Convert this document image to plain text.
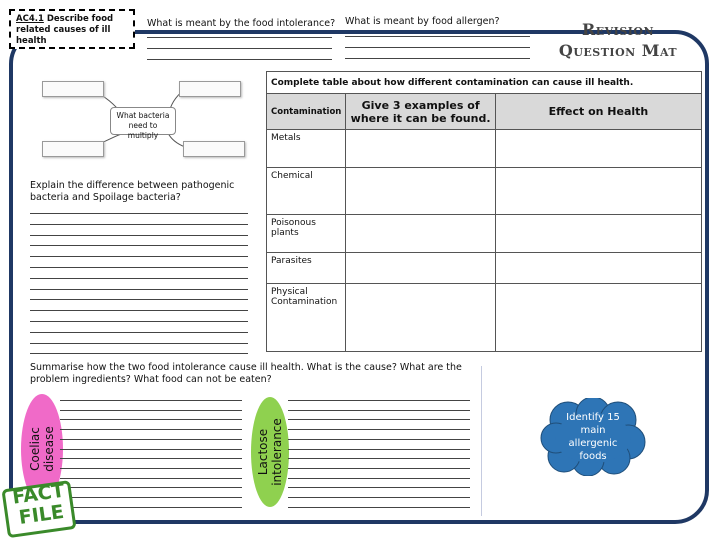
AC4.1 Describe food related causes of ill health
What is meant by the food intolerance?	What is meant by food allergen?	Revision
Question Mat
What bacteria need to multiply
Explain the difference between pathogenic bacteria and Spoilage bacteria?
Complete table about how different contamination can cause ill health.		
Contamination	Give 3 examples of where it can be found.	Effect on Health
Metals		
Chemical		
Poisonous plants		
Parasites		
Physical Contamination		
Summarise how the two food intolerance cause ill health. What is the cause? What are the problem ingredients? What food can not be eaten?
Coeliac disease	Lactose intolerance
Identify 15 main allergenic foods
FACT
FILE
